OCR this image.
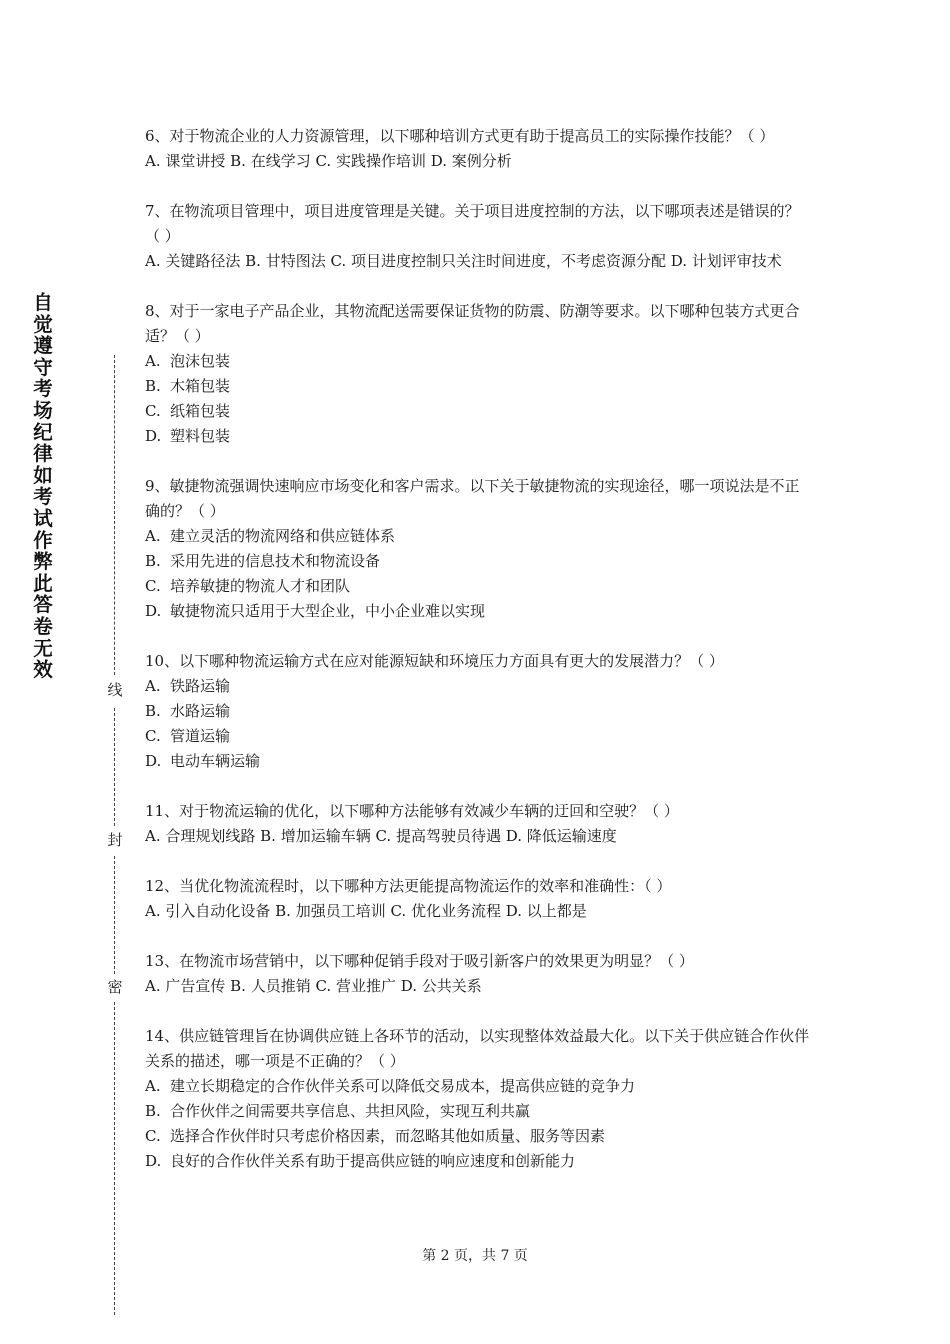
自
觉
遵
守
考
场
纪
律
如
考
试
作
弊
此
答
卷
无
效
线
封
密

6、对于物流企业的人力资源管理，以下哪种培训方式更有助于提高员工的实际操作技能？（ ）

A. 课堂讲授 B. 在线学习 C. 实践操作培训 D. 案例分析

7、在物流项目管理中，项目进度管理是关键。关于项目进度控制的方法，以下哪项表述是错误的？（ ）

A. 关键路径法 B. 甘特图法 C. 项目进度控制只关注时间进度，不考虑资源分配 D. 计划评审技术

8、对于一家电子产品企业，其物流配送需要保证货物的防震、防潮等要求。以下哪种包装方式更合适？（ ）

A. 泡沫包装

B. 木箱包装

C. 纸箱包装

D. 塑料包装

9、敏捷物流强调快速响应市场变化和客户需求。以下关于敏捷物流的实现途径，哪一项说法是不正确的？（ ）

A. 建立灵活的物流网络和供应链体系

B. 采用先进的信息技术和物流设备

C. 培养敏捷的物流人才和团队

D. 敏捷物流只适用于大型企业，中小企业难以实现

10、以下哪种物流运输方式在应对能源短缺和环境压力方面具有更大的发展潜力？（ ）

A. 铁路运输

B. 水路运输

C. 管道运输

D. 电动车辆运输

11、对于物流运输的优化，以下哪种方法能够有效减少车辆的迂回和空驶？（ ）

A. 合理规划线路 B. 增加运输车辆 C. 提高驾驶员待遇 D. 降低运输速度

12、当优化物流流程时，以下哪种方法更能提高物流运作的效率和准确性：（ ）

A. 引入自动化设备 B. 加强员工培训 C. 优化业务流程 D. 以上都是

13、在物流市场营销中，以下哪种促销手段对于吸引新客户的效果更为明显？（ ）

A. 广告宣传 B. 人员推销 C. 营业推广 D. 公共关系

14、供应链管理旨在协调供应链上各环节的活动，以实现整体效益最大化。以下关于供应链合作伙伴关系的描述，哪一项是不正确的？（ ）

A. 建立长期稳定的合作伙伴关系可以降低交易成本，提高供应链的竞争力

B. 合作伙伴之间需要共享信息、共担风险，实现互利共赢

C. 选择合作伙伴时只考虑价格因素，而忽略其他如质量、服务等因素

D. 良好的合作伙伴关系有助于提高供应链的响应速度和创新能力

第 2 页，共 7 页
